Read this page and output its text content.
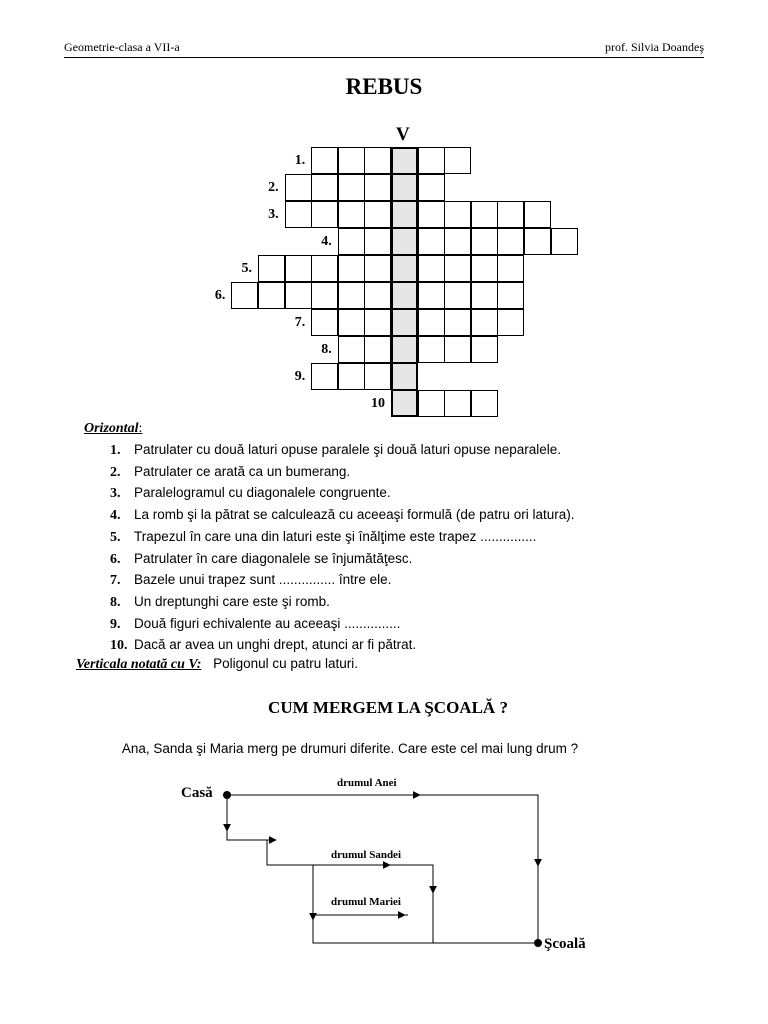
Geometrie-clasa a VII-a	prof. Silvia Doandeş
REBUS
V
1.
2.
3.
4.
5.
6.
7.
8.
9.
10
Orizontal:
1. Patrulater cu două laturi opuse paralele şi două laturi opuse neparalele.
2. Patrulater ce arată ca un bumerang.
3. Paralelogramul cu diagonalele congruente.
4. La romb şi la pătrat se calculează cu aceeaşi formulă (de patru ori latura).
5. Trapezul în care una din laturi este şi înălţime este trapez ...............
6. Patrulater în care diagonalele se înjumătăţesc.
7. Bazele unui trapez sunt ............... între ele.
8. Un dreptunghi care este şi romb.
9. Două figuri echivalente au aceeaşi ...............
10. Dacă ar avea un unghi drept, atunci ar fi pătrat.
Verticala notată cu V: Poligonul cu patru laturi.
CUM MERGEM LA ŞCOALĂ ?
Ana, Sanda şi Maria merg pe drumuri diferite. Care este cel mai lung drum ?
Casă
Şcoală
drumul Anei
drumul Sandei
drumul Mariei
